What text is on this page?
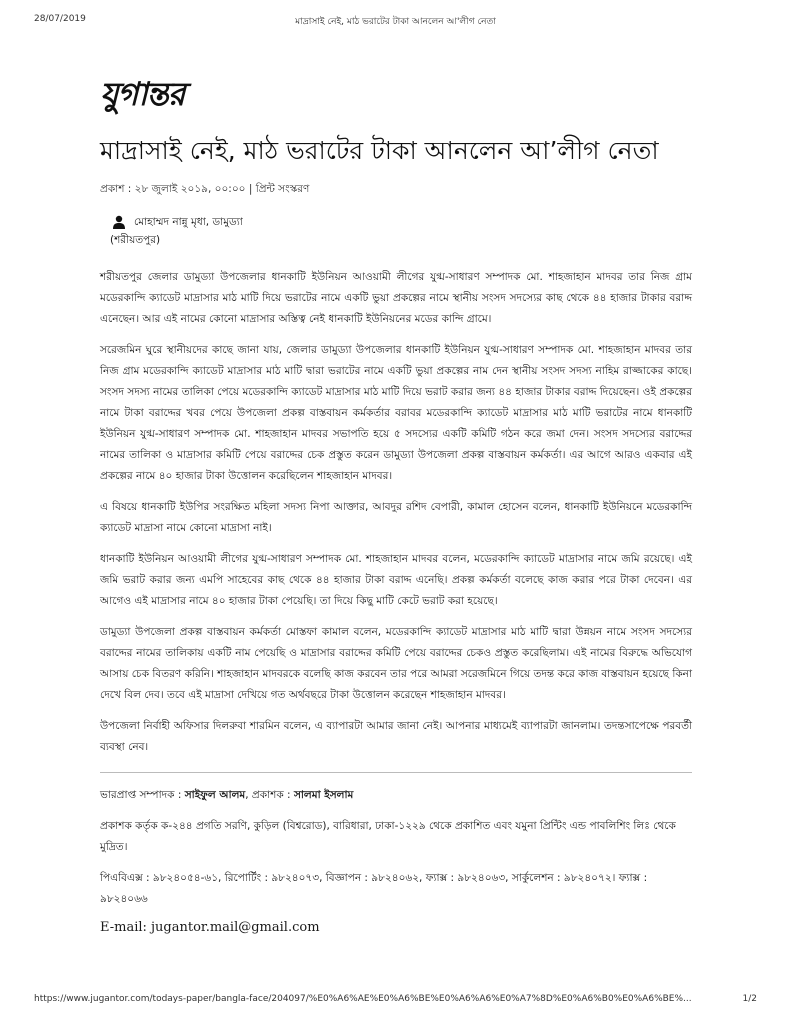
28/07/2019	মাদ্রাসাই নেই, মাঠ ভরাটের টাকা আনলেন আ'লীগ নেতা
যুগান্তর
মাদ্রাসাই নেই, মাঠ ভরাটের টাকা আনলেন আ’লীগ নেতা
প্রকাশ : ২৮ জুলাই ২০১৯, ০০:০০ | প্রিন্ট সংস্করণ
মোহাম্মদ নান্নু মৃধা, ডামুড্যা
(শরীয়তপুর)

শরীয়তপুর জেলার ডামুড্যা উপজেলার ধানকাটি ইউনিয়ন আওয়ামী লীগের যুগ্ম-সাধারণ সম্পাদক মো. শাহজাহান মাদবর তার নিজ গ্রাম মডেরকান্দি ক্যাডেট মাদ্রাসার মাঠ মাটি দিয়ে ভরাটের নামে একটি ভুয়া প্রকল্পের নামে স্থানীয় সংসদ সদস্যের কাছ থেকে ৪৪ হাজার টাকার বরাদ্দ এনেছেন। আর এই নামের কোনো মাদ্রাসার অস্তিত্ব নেই ধানকাটি ইউনিয়নের মডের কান্দি গ্রামে।

সরেজমিন ঘুরে স্থানীয়দের কাছে জানা যায়, জেলার ডামুড্যা উপজেলার ধানকাটি ইউনিয়ন যুগ্ম-সাধারণ সম্পাদক মো. শাহজাহান মাদবর তার নিজ গ্রাম মডেরকান্দি ক্যাডেট মাদ্রাসার মাঠ মাটি দ্বারা ভরাটের নামে একটি ভুয়া প্রকল্পের নাম দেন স্থানীয় সংসদ সদস্য নাহিম রাজ্জাকের কাছে। সংসদ সদস্য নামের তালিকা পেয়ে মডেরকান্দি ক্যাডেট মাদ্রাসার মাঠ মাটি দিয়ে ভরাট করার জন্য ৪৪ হাজার টাকার বরাদ্দ দিয়েছেন। ওই প্রকল্পের নামে টাকা বরাদ্দের খবর পেয়ে উপজেলা প্রকল্প বাস্তবায়ন কর্মকর্তার বরাবর মডেরকান্দি ক্যাডেট মাদ্রাসার মাঠ মাটি ভরাটের নামে ধানকাটি ইউনিয়ন যুগ্ম-সাধারণ সম্পাদক মো. শাহজাহান মাদবর সভাপতি হয়ে ৫ সদস্যের একটি কমিটি গঠন করে জমা দেন। সংসদ সদস্যের বরাদ্দের নামের তালিকা ও মাদ্রাসার কমিটি পেয়ে বরাদ্দের চেক প্রস্তুত করেন ডামুড্যা উপজেলা প্রকল্প বাস্তবায়ন কর্মকর্তা। এর আগে আরও একবার এই প্রকল্পের নামে ৪০ হাজার টাকা উত্তোলন করেছিলেন শাহজাহান মাদবর।

এ বিষয়ে ধানকাটি ইউপির সংরক্ষিত মহিলা সদস্য নিপা আক্তার, আবদুর রশিদ বেপারী, কামাল হোসেন বলেন, ধানকাটি ইউনিয়নে মডেরকান্দি ক্যাডেট মাদ্রাসা নামে কোনো মাদ্রাসা নাই।

ধানকাটি ইউনিয়ন আওয়ামী লীগের যুগ্ম-সাধারণ সম্পাদক মো. শাহজাহান মাদবর বলেন, মডেরকান্দি ক্যাডেট মাদ্রাসার নামে জমি রয়েছে। এই জমি ভরাট করার জন্য এমপি সাহেবের কাছ থেকে ৪৪ হাজার টাকা বরাদ্দ এনেছি। প্রকল্প কর্মকর্তা বলেছে কাজ করার পরে টাকা দেবেন। এর আগেও এই মাদ্রাসার নামে ৪০ হাজার টাকা পেয়েছি। তা দিয়ে কিছু মাটি কেটে ভরাট করা হয়েছে।

ডামুড্যা উপজেলা প্রকল্প বাস্তবায়ন কর্মকর্তা মোস্তফা কামাল বলেন, মডেরকান্দি ক্যাডেট মাদ্রাসার মাঠ মাটি দ্বারা উন্নয়ন নামে সংসদ সদস্যের বরাদ্দের নামের তালিকায় একটি নাম পেয়েছি ও মাদ্রাসার বরাদ্দের কমিটি পেয়ে বরাদ্দের চেকও প্রস্তুত করেছিলাম। এই নামের বিরুদ্ধে অভিযোগ আসায় চেক বিতরণ করিনি। শাহজাহান মাদবরকে বলেছি কাজ করবেন তার পরে আমরা সরেজমিনে গিয়ে তদন্ত করে কাজ বাস্তবায়ন হয়েছে কিনা দেখে বিল দেব। তবে এই মাদ্রাসা দেখিয়ে গত অর্থবছরে টাকা উত্তোলন করেছেন শাহজাহান মাদবর।

উপজেলা নির্বাহী অফিসার দিলরুবা শারমিন বলেন, এ ব্যাপারটা আমার জানা নেই। আপনার মাধ্যমেই ব্যাপারটা জানলাম। তদন্তসাপেক্ষে পরবর্তী ব্যবস্থা নেব।

ভারপ্রাপ্ত সম্পাদক : সাইফুল আলম, প্রকাশক : সালমা ইসলাম

প্রকাশক কর্তৃক ক-২৪৪ প্রগতি সরণি, কুড়িল (বিশ্বরোড), বারিধারা, ঢাকা-১২২৯ থেকে প্রকাশিত এবং যমুনা প্রিন্টিং এন্ড পাবলিশিং লিঃ থেকে মুদ্রিত।

পিএবিএক্স : ৯৮২৪০৫৪-৬১, রিপোর্টিং : ৯৮২৪০৭৩, বিজ্ঞাপন : ৯৮২৪০৬২, ফ্যাক্স : ৯৮২৪০৬৩, সার্কুলেশন : ৯৮২৪০৭২। ফ্যাক্স : ৯৮২৪০৬৬

E-mail: jugantor.mail@gmail.com
https://www.jugantor.com/todays-paper/bangla-face/204097/%E0%A6%AE%E0%A6%BE%E0%A6%A6%E0%A7%8D%E0%A6%B0%E0%A6%BE%...	1/2
